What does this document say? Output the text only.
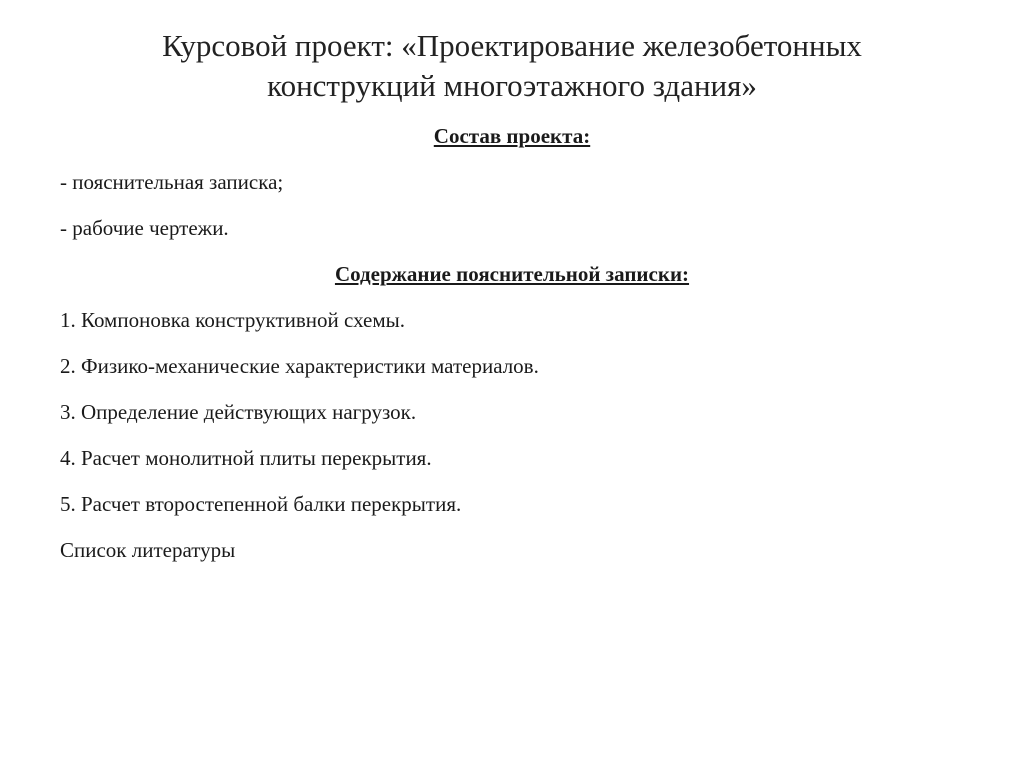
Курсовой проект: «Проектирование железобетонных
конструкций многоэтажного здания»

Состав проекта:

- пояснительная записка;

- рабочие чертежи.

Содержание пояснительной записки:

1. Компоновка конструктивной схемы.

2. Физико-механические характеристики материалов.

3. Определение действующих нагрузок.

4. Расчет монолитной плиты перекрытия.

5. Расчет второстепенной балки перекрытия.

Список литературы
